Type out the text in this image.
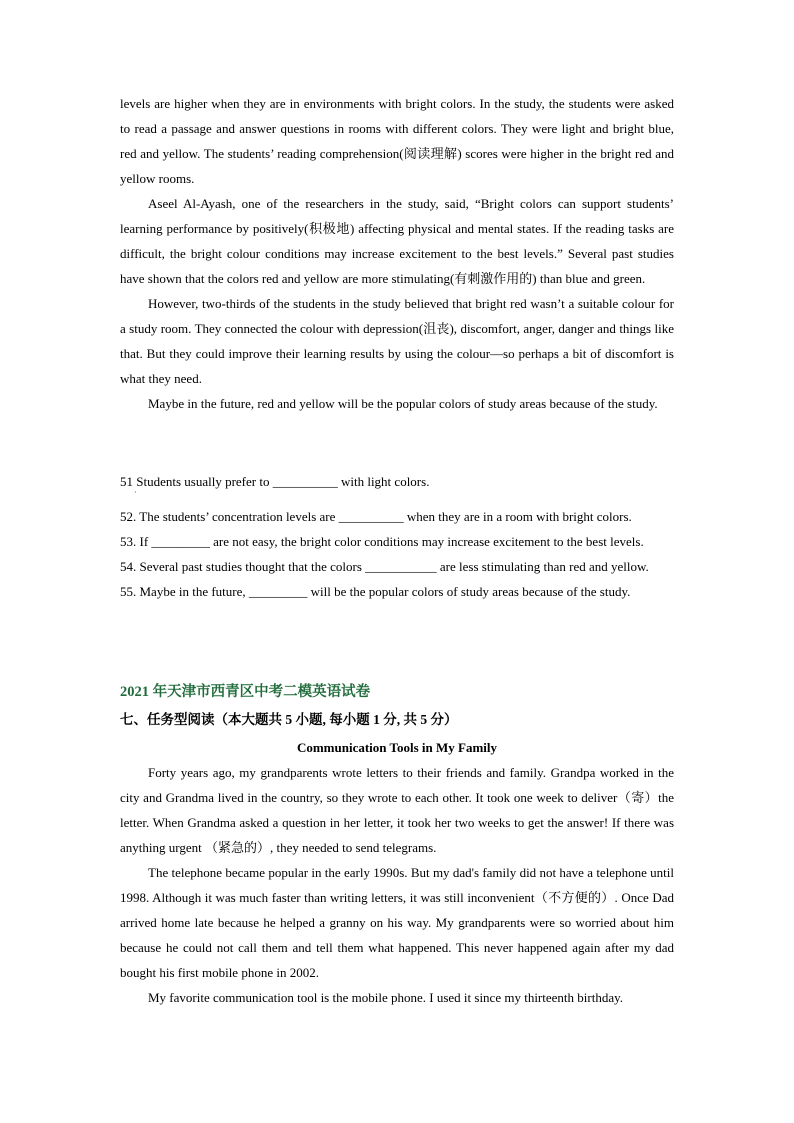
levels are higher when they are in environments with bright colors. In the study, the students were asked to read a passage and answer questions in rooms with different colors. They were light and bright blue, red and yellow. The students’ reading comprehension(阅读理解) scores were higher in the bright red and yellow rooms.

Aseel Al-Ayash, one of the researchers in the study, said, “Bright colors can support students’ learning performance by positively(积极地) affecting physical and mental states. If the reading tasks are difficult, the bright colour conditions may increase excitement to the best levels.” Several past studies have shown that the colors red and yellow are more stimulating(有刺激作用的) than blue and green.

However, two-thirds of the students in the study believed that bright red wasn’t a suitable colour for a study room. They connected the colour with depression(沮丧), discomfort, anger, danger and things like that. But they could improve their learning results by using the colour—so perhaps a bit of discomfort is what they need.

Maybe in the future, red and yellow will be the popular colors of study areas because of the study.

51 Students usually prefer to __________ with light colors.

·

52. The students’ concentration levels are __________ when they are in a room with bright colors.

53. If _________ are not easy, the bright color conditions may increase excitement to the best levels.

54. Several past studies thought that the colors ___________ are less stimulating than red and yellow.

55. Maybe in the future, _________ will be the popular colors of study areas because of the study.

2021 年天津市西青区中考二模英语试卷
七、任务型阅读（本大题共 5 小题, 每小题 1 分, 共 5 分）
Communication Tools in My Family

Forty years ago, my grandparents wrote letters to their friends and family. Grandpa worked in the city and Grandma lived in the country, so they wrote to each other. It took one week to deliver（寄）the letter. When Grandma asked a question in her letter, it took her two weeks to get the answer! If there was anything urgent （紧急的）, they needed to send telegrams.

The telephone became popular in the early 1990s. But my dad's family did not have a telephone until 1998. Although it was much faster than writing letters, it was still inconvenient（不方便的）. Once Dad arrived home late because he helped a granny on his way. My grandparents were so worried about him because he could not call them and tell them what happened. This never happened again after my dad bought his first mobile phone in 2002.

My favorite communication tool is the mobile phone. I used it since my thirteenth birthday.
